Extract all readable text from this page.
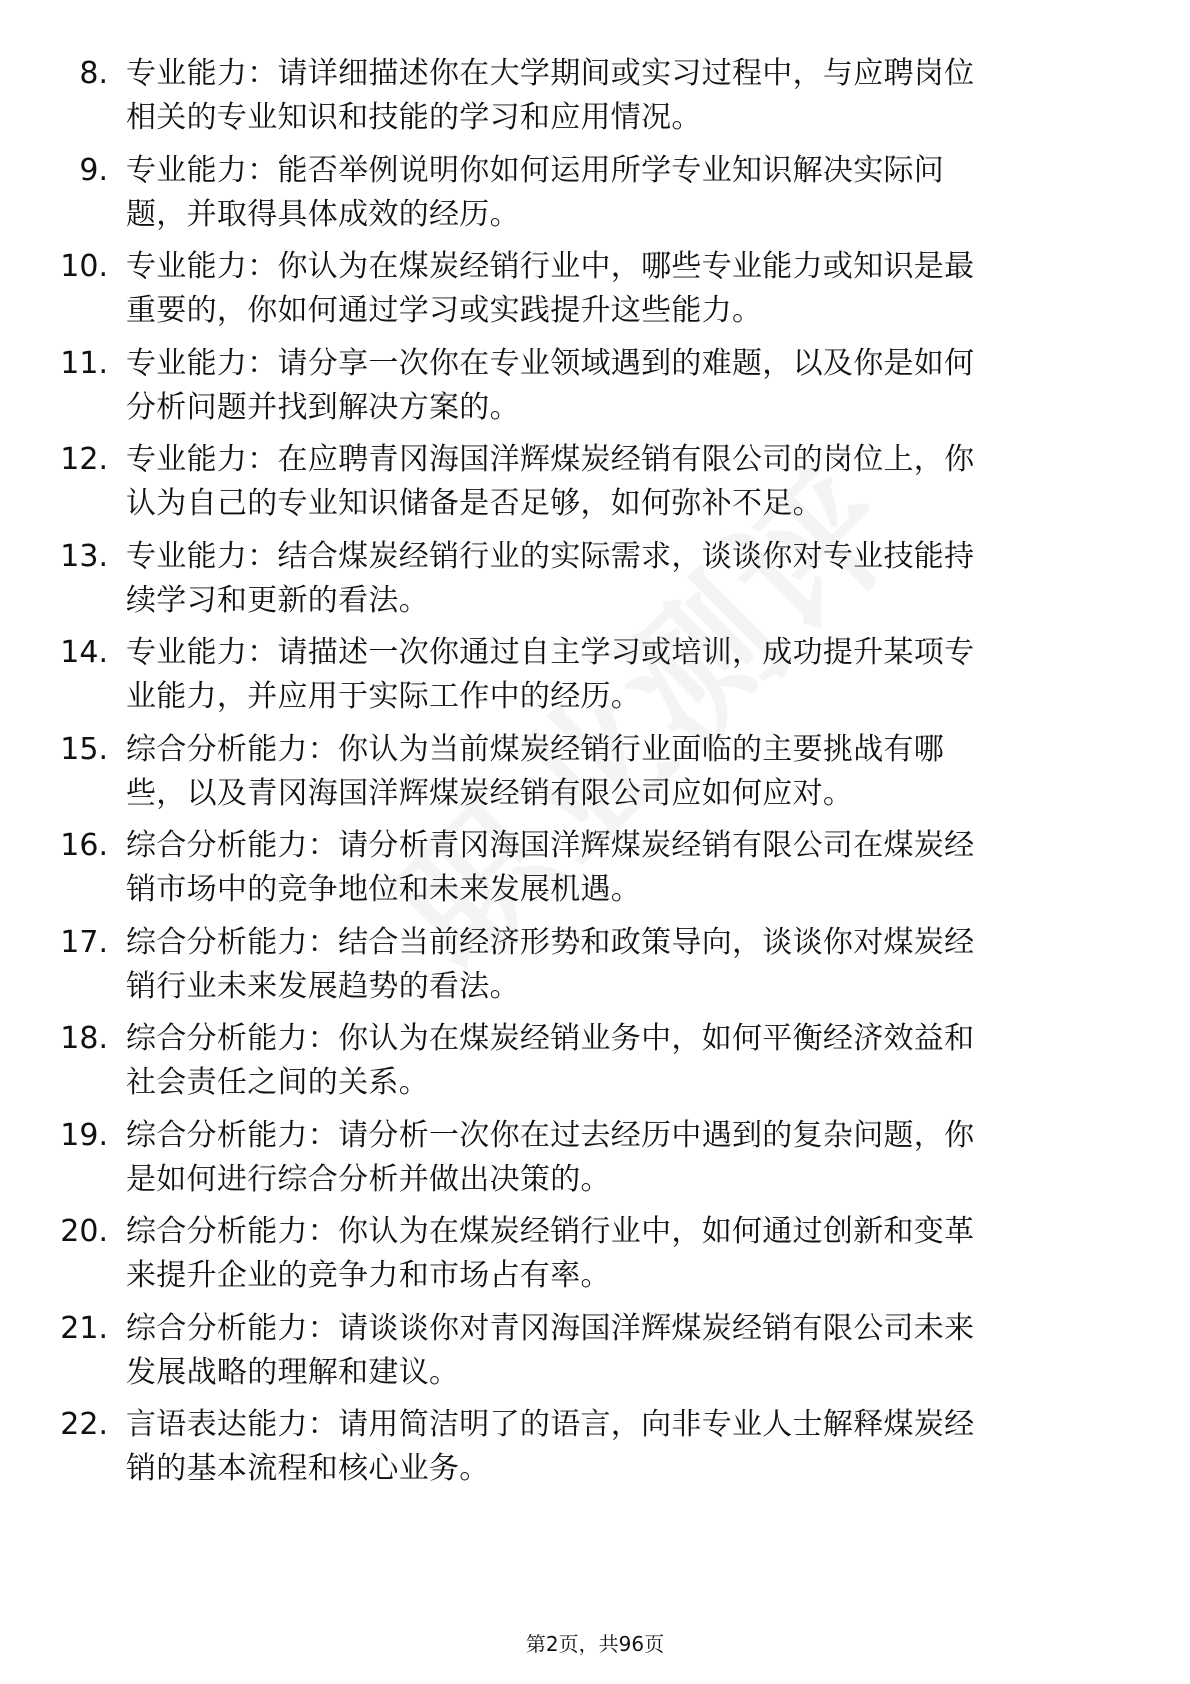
8. 专业能力：请详细描述你在大学期间或实习过程中，与应聘岗位
相关的专业知识和技能的学习和应用情况。
9. 专业能力：能否举例说明你如何运用所学专业知识解决实际问
题，并取得具体成效的经历。
10. 专业能力：你认为在煤炭经销行业中，哪些专业能力或知识是最
重要的，你如何通过学习或实践提升这些能力。
11. 专业能力：请分享一次你在专业领域遇到的难题，以及你是如何
分析问题并找到解决方案的。
12. 专业能力：在应聘青冈海国洋辉煤炭经销有限公司的岗位上，你
认为自己的专业知识储备是否足够，如何弥补不足。
13. 专业能力：结合煤炭经销行业的实际需求，谈谈你对专业技能持
续学习和更新的看法。
14. 专业能力：请描述一次你通过自主学习或培训，成功提升某项专
业能力，并应用于实际工作中的经历。
15. 综合分析能力：你认为当前煤炭经销行业面临的主要挑战有哪
些，以及青冈海国洋辉煤炭经销有限公司应如何应对。
16. 综合分析能力：请分析青冈海国洋辉煤炭经销有限公司在煤炭经
销市场中的竞争地位和未来发展机遇。
17. 综合分析能力：结合当前经济形势和政策导向，谈谈你对煤炭经
销行业未来发展趋势的看法。
18. 综合分析能力：你认为在煤炭经销业务中，如何平衡经济效益和
社会责任之间的关系。
19. 综合分析能力：请分析一次你在过去经历中遇到的复杂问题，你
是如何进行综合分析并做出决策的。
20. 综合分析能力：你认为在煤炭经销行业中，如何通过创新和变革
来提升企业的竞争力和市场占有率。
21. 综合分析能力：请谈谈你对青冈海国洋辉煤炭经销有限公司未来
发展战略的理解和建议。
22. 言语表达能力：请用简洁明了的语言，向非专业人士解释煤炭经
销的基本流程和核心业务。
第2页，共96页
